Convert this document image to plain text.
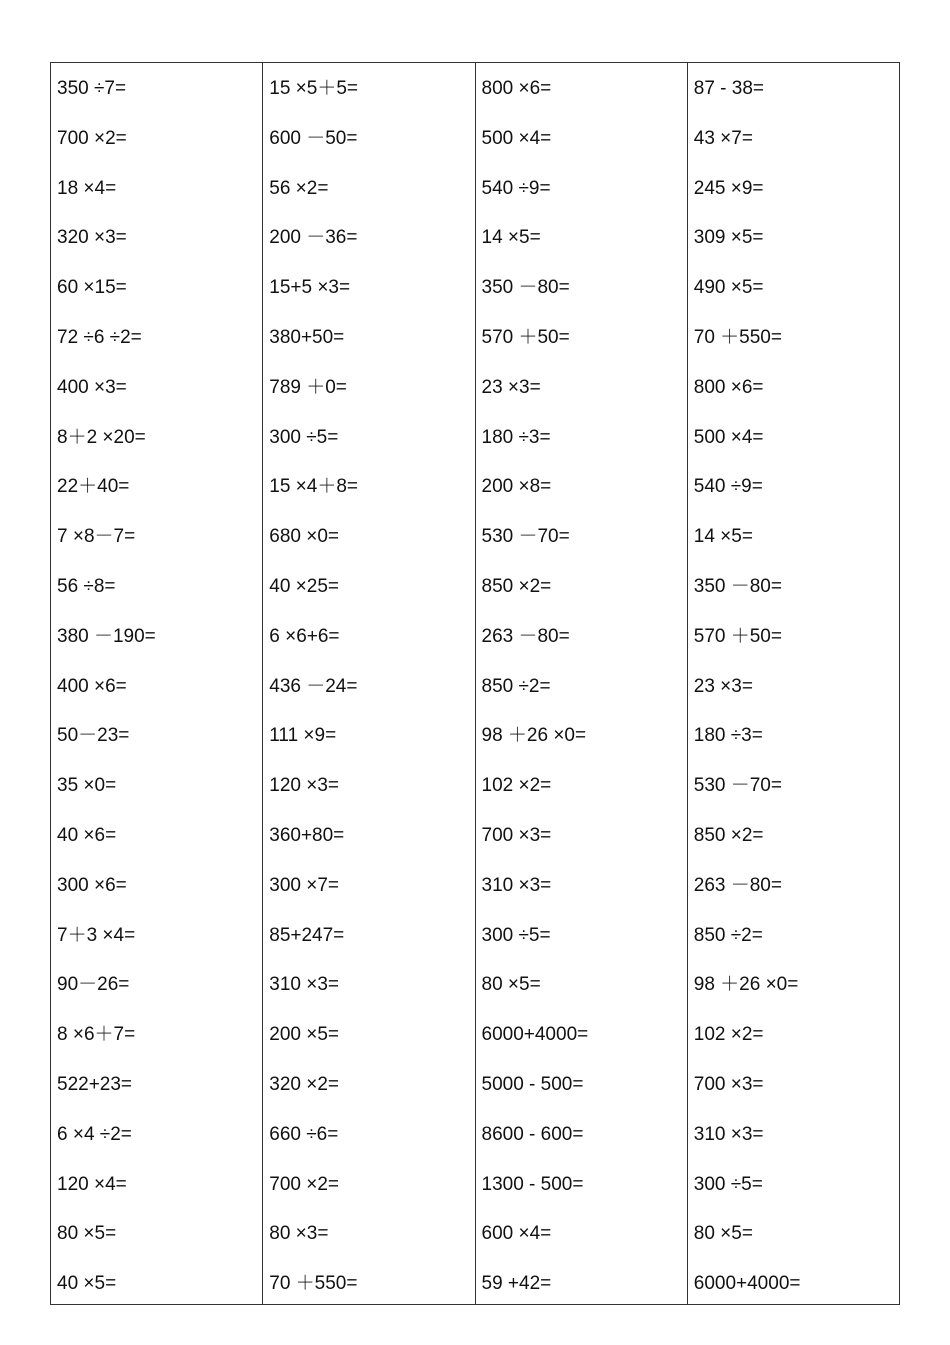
350 ÷7=
700 ×2=
18 ×4=
320 ×3=
60 ×15=
72 ÷6 ÷2=
400 ×3=
8＋2 ×20=
22＋40=
7 ×8－7=
56 ÷8=
380 －190=
400 ×6=
50－23=
35 ×0=
40 ×6=
300 ×6=
7＋3 ×4=
90－26=
8 ×6＋7=
522+23=
6 ×4 ÷2=
120 ×4=
80 ×5=
40 ×5=
15 ×5＋5=
600 －50=
56 ×2=
200 －36=
15+5 ×3=
380+50=
789 ＋0=
300 ÷5=
15 ×4＋8=
680 ×0=
40 ×25=
6 ×6+6=
436 －24=
111 ×9=
120 ×3=
360+80=
300 ×7=
85+247=
310 ×3=
200 ×5=
320 ×2=
660 ÷6=
700 ×2=
80 ×3=
70 ＋550=
800 ×6=
500 ×4=
540 ÷9=
14 ×5=
350 －80=
570 ＋50=
23 ×3=
180 ÷3=
200 ×8=
530 －70=
850 ×2=
263 －80=
850 ÷2=
98 ＋26 ×0=
102 ×2=
700 ×3=
310 ×3=
300 ÷5=
80 ×5=
6000+4000=
5000 - 500=
8600 - 600=
1300 - 500=
600 ×4=
59 +42=
87 - 38=
43 ×7=
245 ×9=
309 ×5=
490 ×5=
70 ＋550=
800 ×6=
500 ×4=
540 ÷9=
14 ×5=
350 －80=
570 ＋50=
23 ×3=
180 ÷3=
530 －70=
850 ×2=
263 －80=
850 ÷2=
98 ＋26 ×0=
102 ×2=
700 ×3=
310 ×3=
300 ÷5=
80 ×5=
6000+4000=
